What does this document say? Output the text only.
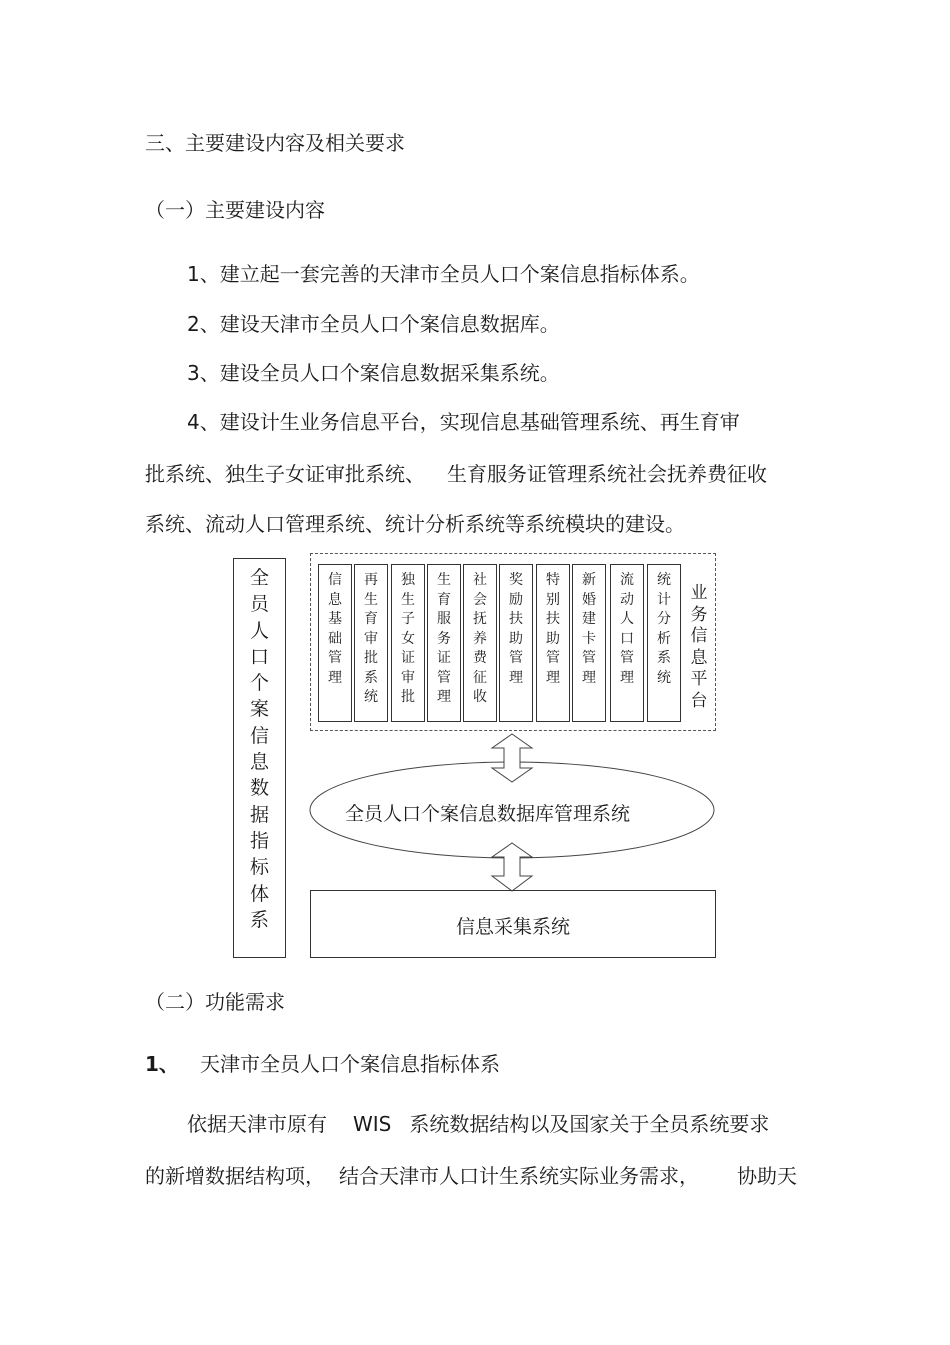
三、主要建设内容及相关要求
（一）主要建设内容
1、建立起一套完善的天津市全员人口个案信息指标体系。
2、建设天津市全员人口个案信息数据库。
3、建设全员人口个案信息数据采集系统。
4、建设计生业务信息平台，实现信息基础管理系统、再生育审
批系统、独生子女证审批系统、 生育服务证管理系统社会抚养费征收
系统、流动人口管理系统、统计分析系统等系统模块的建设。
全员人口个案信息数据指标体系
信息基础管理
再生育审批系统
独生子女证审批
生育服务证管理
社会抚养费征收
奖励扶助管理
特别扶助管理
新婚建卡管理
流动人口管理
统计分析系统
业务信息平台
全员人口个案信息数据库管理系统
信息采集系统
（二）功能需求
1、 天津市全员人口个案信息指标体系
依据天津市原有 WIS 系统数据结构以及国家关于全员系统要求
的新增数据结构项， 结合天津市人口计生系统实际业务需求， 协助天
